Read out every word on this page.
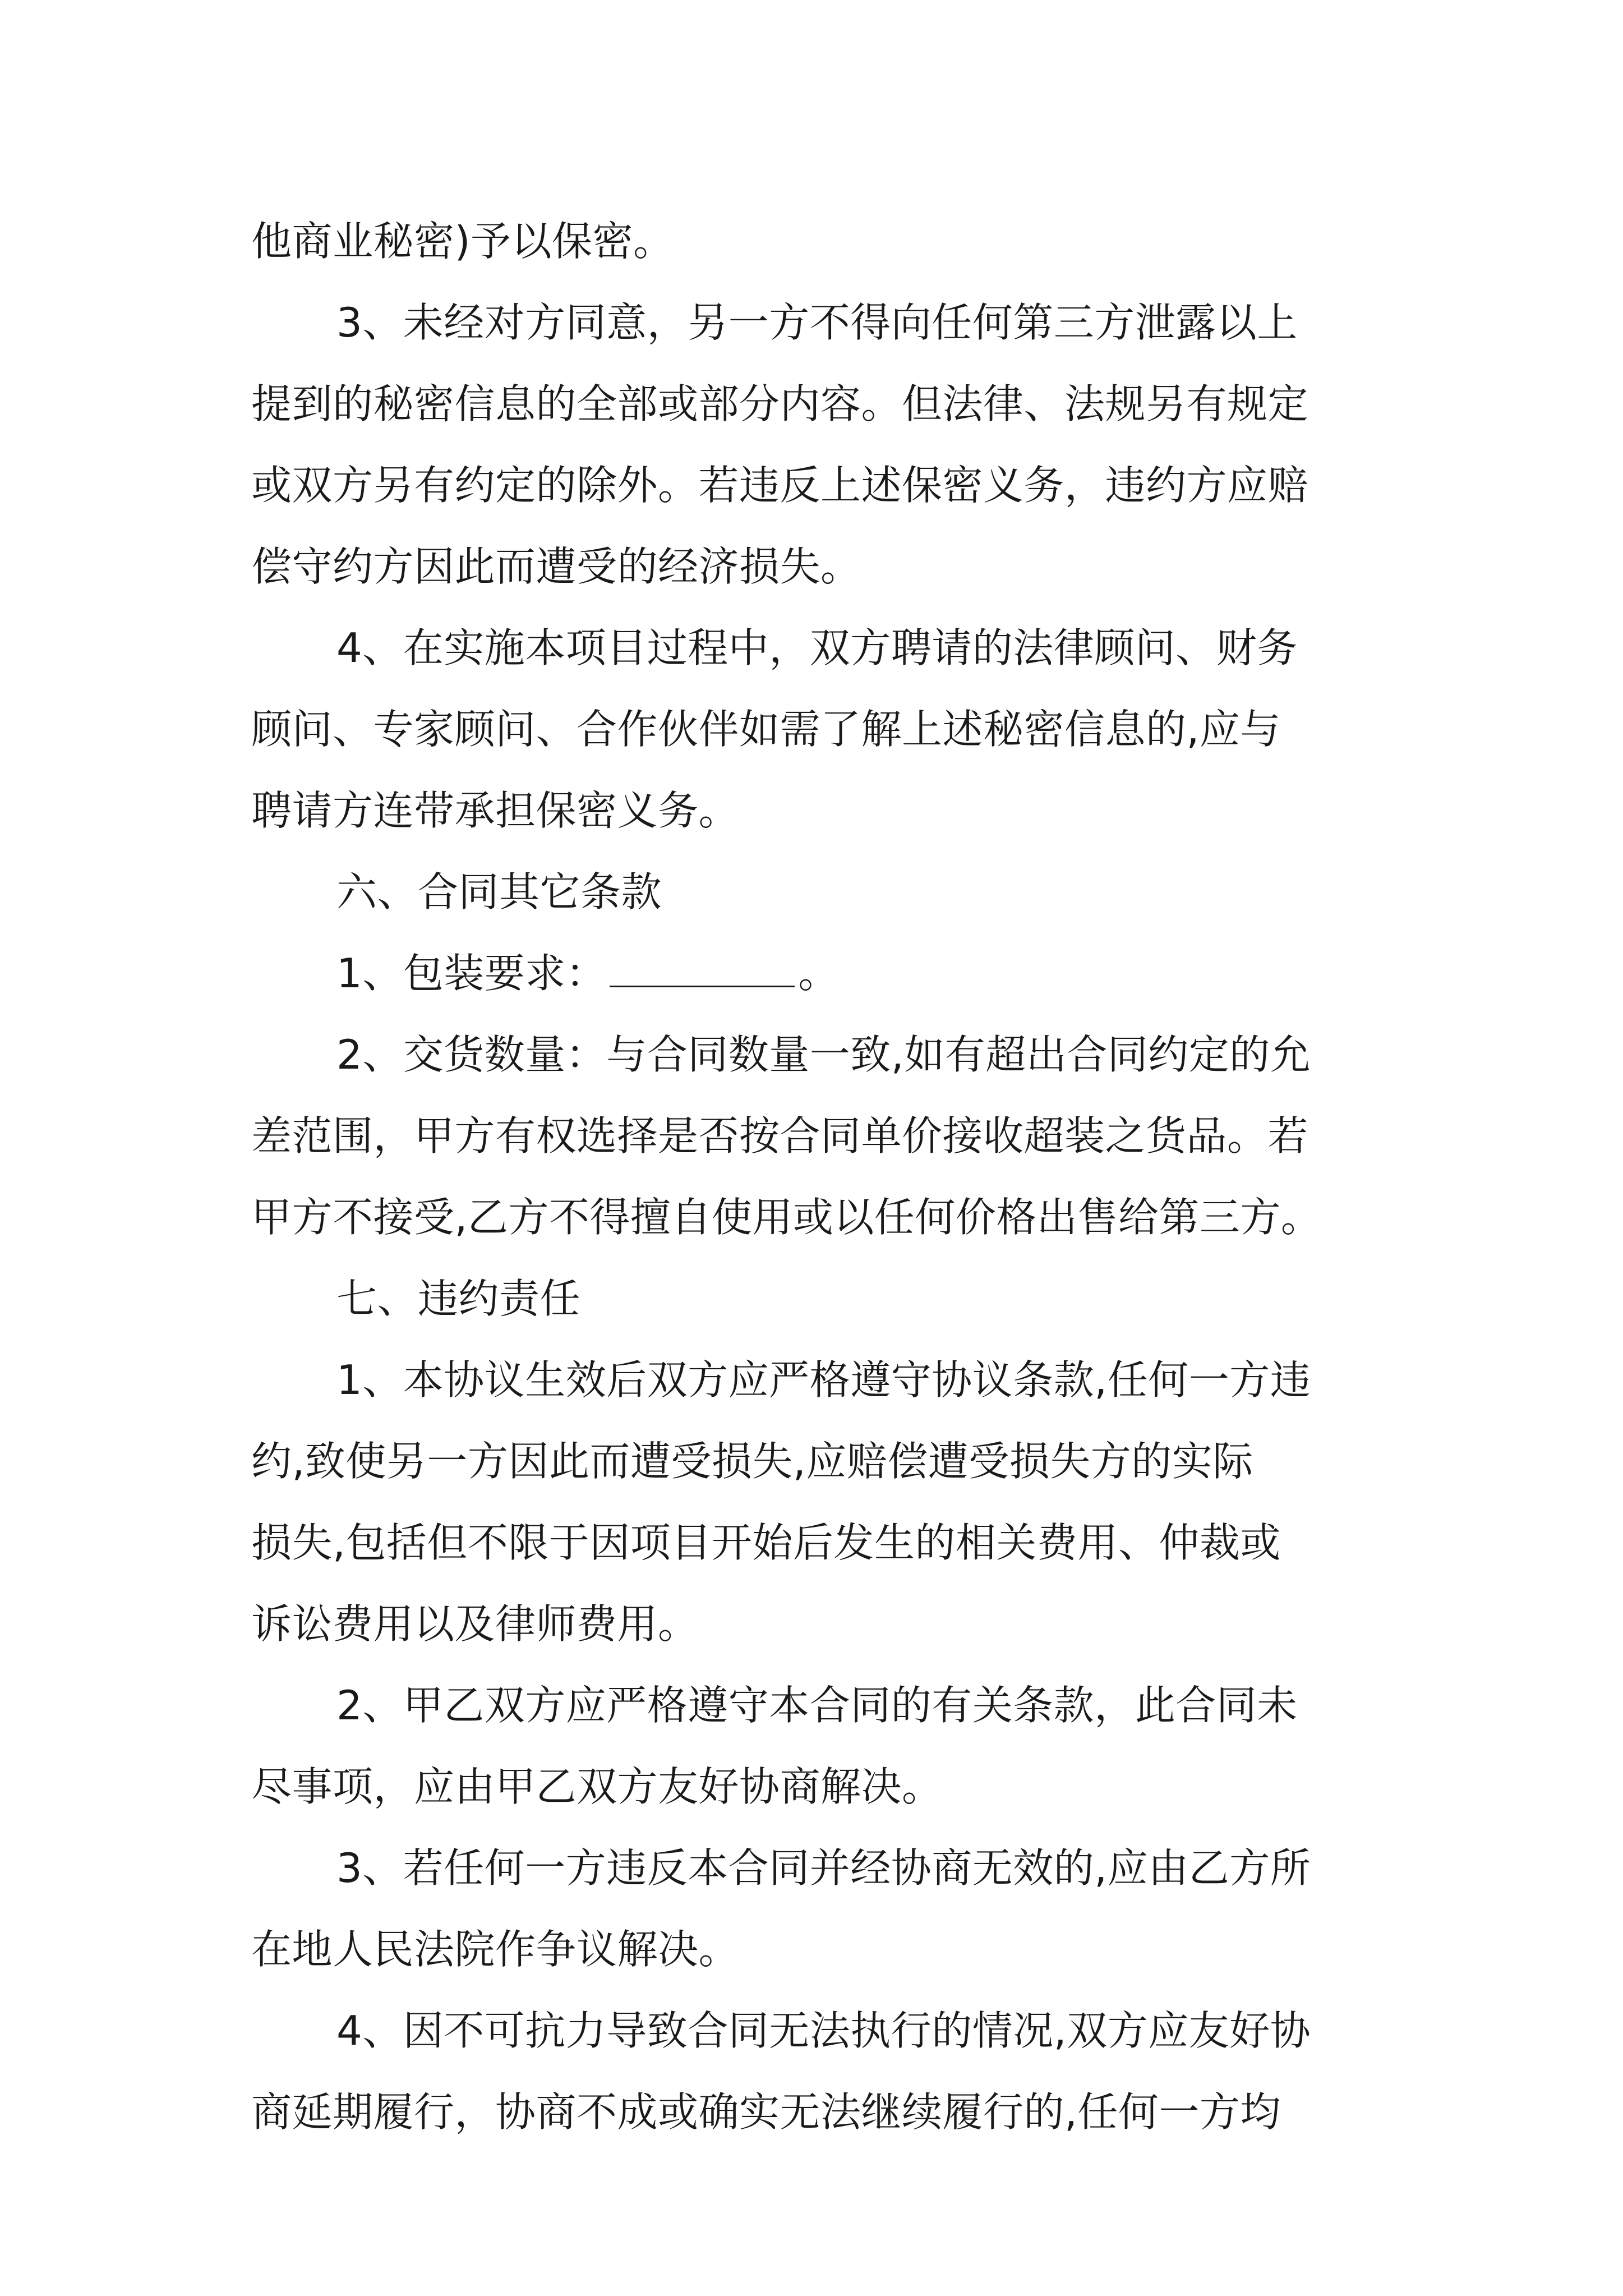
他商业秘密)予以保密。
3、未经对方同意，另一方不得向任何第三方泄露以上
提到的秘密信息的全部或部分内容。但法律、法规另有规定
或双方另有约定的除外。若违反上述保密义务，违约方应赔
偿守约方因此而遭受的经济损失。
4、在实施本项目过程中，双方聘请的法律顾问、财务
顾问、专家顾问、合作伙伴如需了解上述秘密信息的,应与
聘请方连带承担保密义务。
六、合同其它条款
1、包装要求：	。
2、交货数量：与合同数量一致,如有超出合同约定的允
差范围，甲方有权选择是否按合同单价接收超装之货品。若
甲方不接受,乙方不得擅自使用或以任何价格出售给第三方。
七、违约责任
1、本协议生效后双方应严格遵守协议条款,任何一方违
约,致使另一方因此而遭受损失,应赔偿遭受损失方的实际
损失,包括但不限于因项目开始后发生的相关费用、仲裁或
诉讼费用以及律师费用。
2、甲乙双方应严格遵守本合同的有关条款，此合同未
尽事项，应由甲乙双方友好协商解决。
3、若任何一方违反本合同并经协商无效的,应由乙方所
在地人民法院作争议解决。
4、因不可抗力导致合同无法执行的情况,双方应友好协
商延期履行，协商不成或确实无法继续履行的,任何一方均
